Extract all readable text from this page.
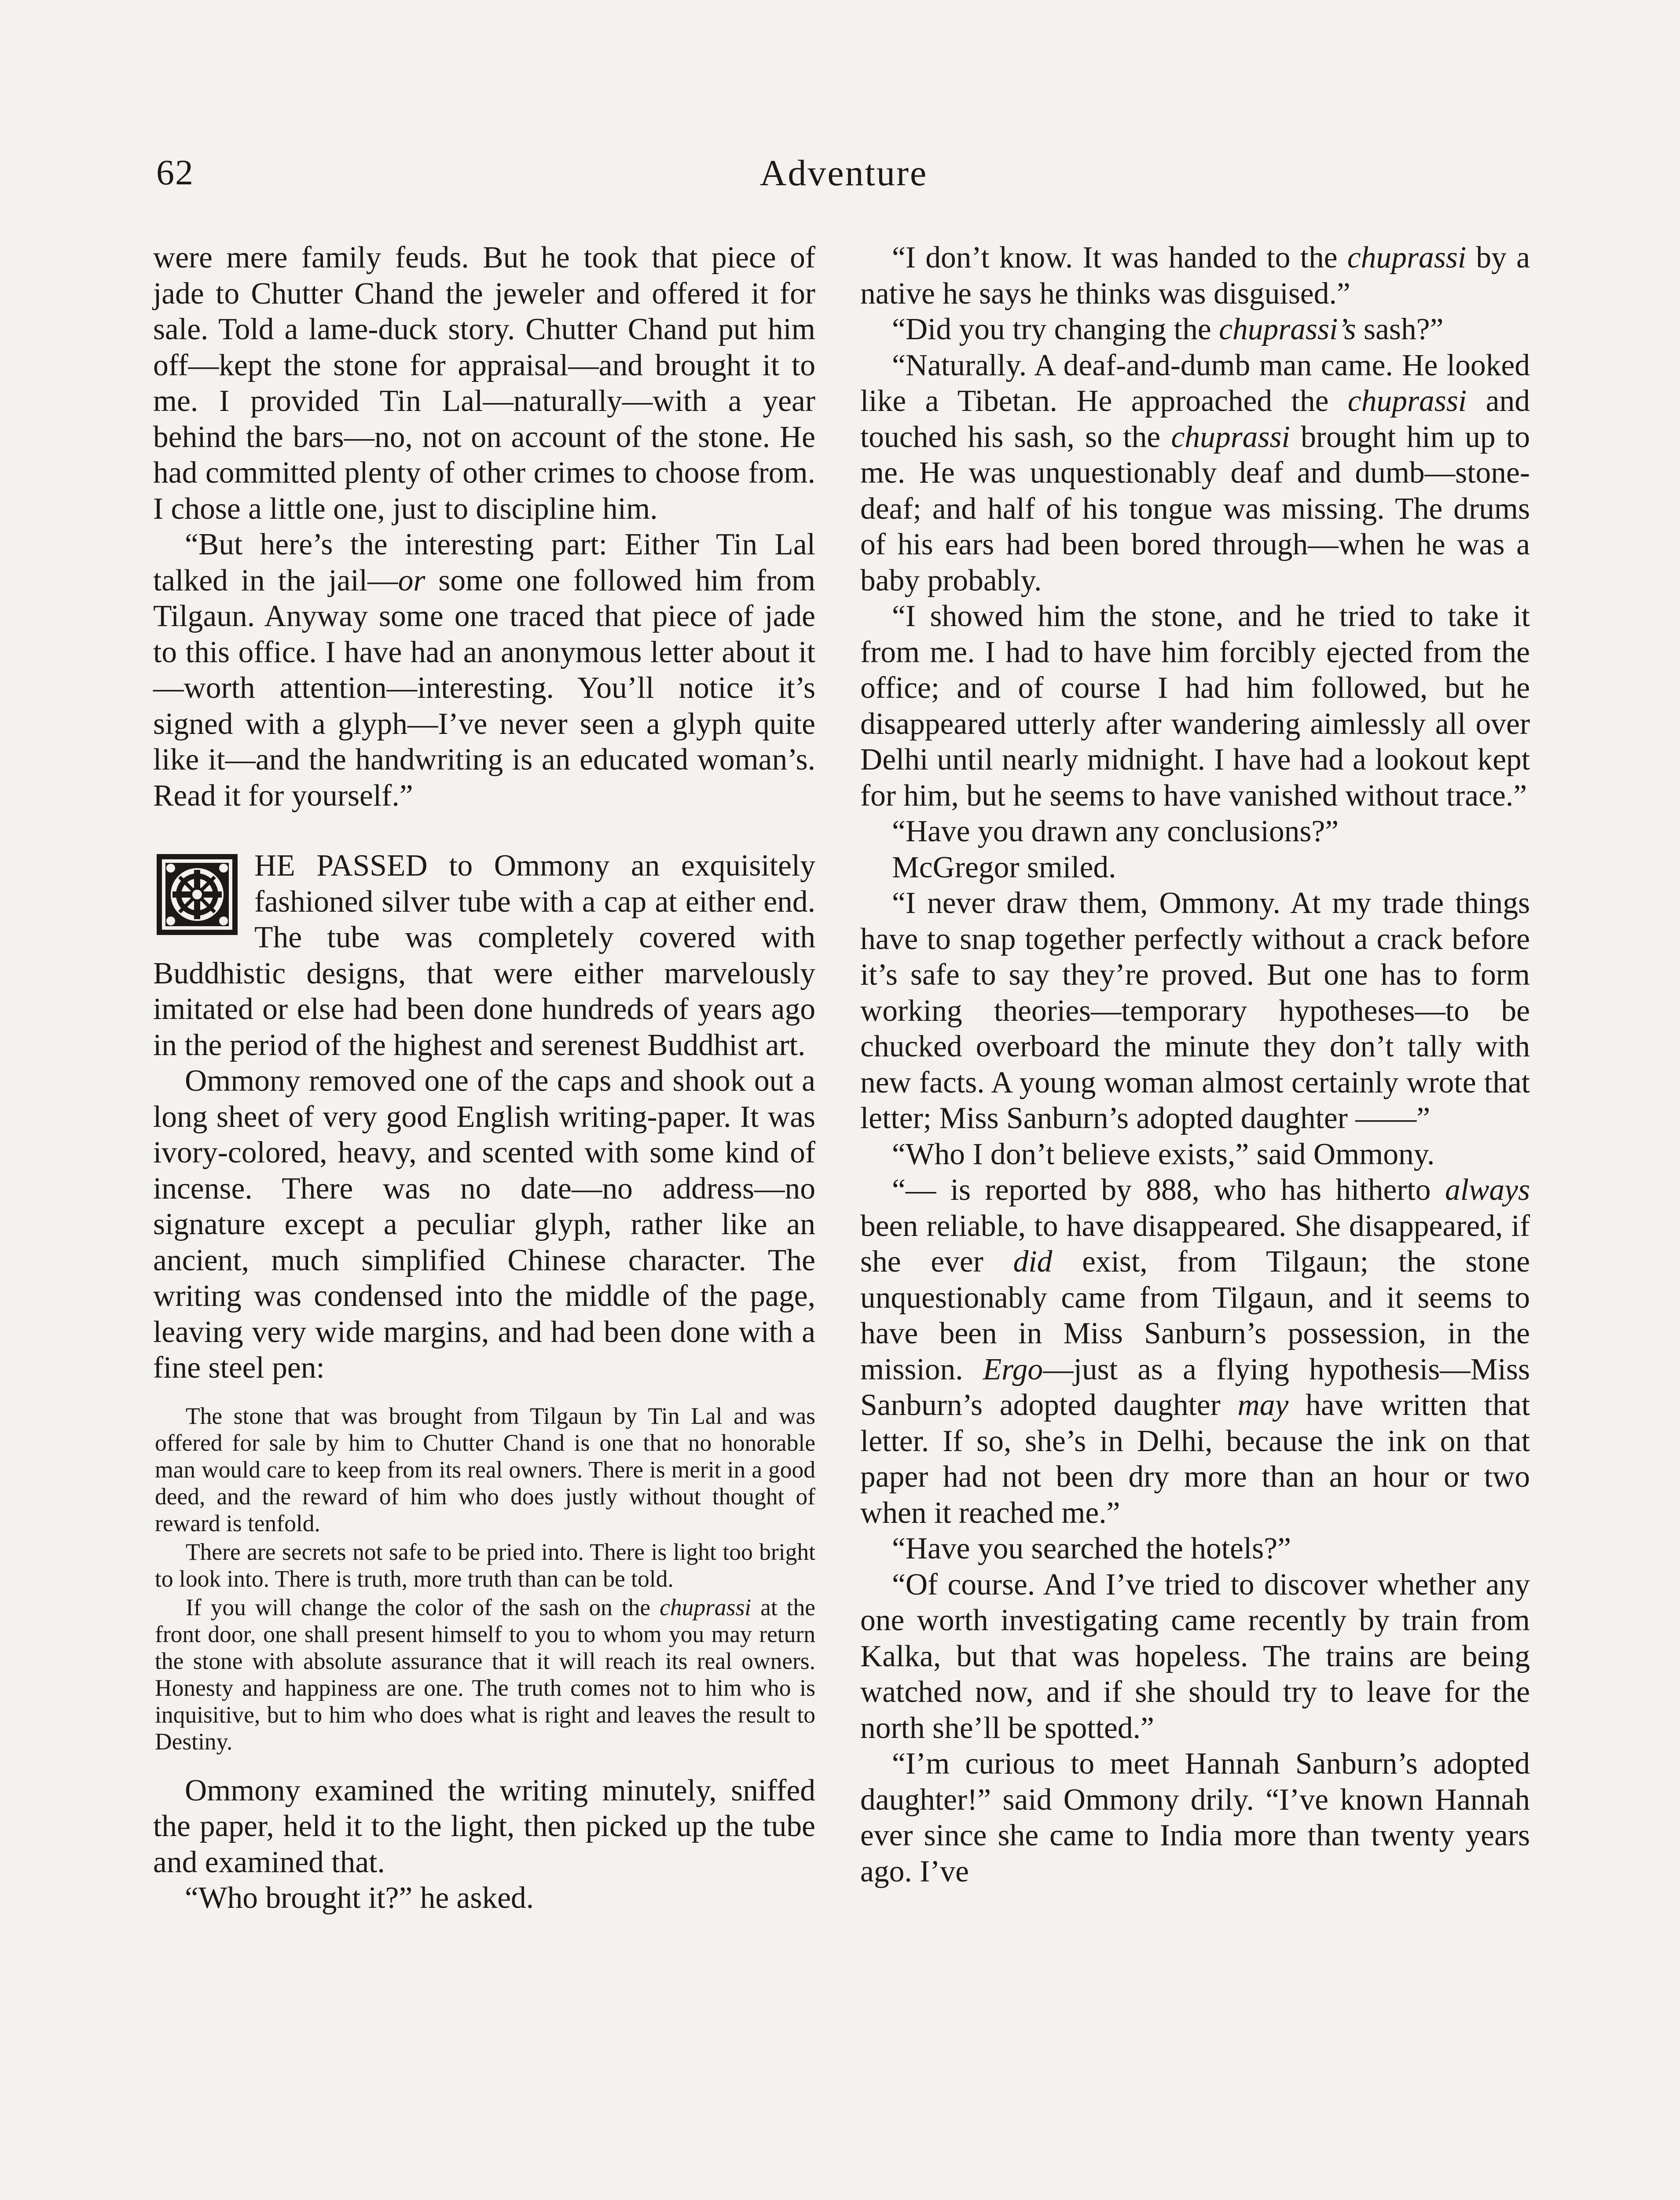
62	Adventure

were mere family feuds. But he took that piece of jade to Chutter Chand the jeweler and offered it for sale. Told a lame-duck story. Chutter Chand put him off—kept the stone for appraisal—and brought it to me. I provided Tin Lal—naturally—with a year behind the bars—no, not on account of the stone. He had committed plenty of other crimes to choose from. I chose a little one, just to discipline him.

“But here’s the interesting part: Either Tin Lal talked in the jail—or some one followed him from Tilgaun. Anyway some one traced that piece of jade to this office. I have had an anonymous letter about it—worth attention—interesting. You’ll notice it’s signed with a glyph—I’ve never seen a glyph quite like it—and the handwriting is an educated woman’s. Read it for yourself.”

HE PASSED to Ommony an exquisitely fashioned silver tube with a cap at either end. The tube was completely covered with Buddhistic designs, that were either marvelously imitated or else had been done hundreds of years ago in the period of the highest and serenest Buddhist art.

Ommony removed one of the caps and shook out a long sheet of very good English writing-paper. It was ivory-colored, heavy, and scented with some kind of incense. There was no date—no address—no signature except a peculiar glyph, rather like an ancient, much simplified Chinese character. The writing was condensed into the middle of the page, leaving very wide margins, and had been done with a fine steel pen:

The stone that was brought from Tilgaun by Tin Lal and was offered for sale by him to Chutter Chand is one that no honorable man would care to keep from its real owners. There is merit in a good deed, and the reward of him who does justly without thought of reward is tenfold.

There are secrets not safe to be pried into. There is light too bright to look into. There is truth, more truth than can be told.

If you will change the color of the sash on the chuprassi at the front door, one shall present himself to you to whom you may return the stone with absolute assurance that it will reach its real owners. Honesty and happiness are one. The truth comes not to him who is inquisitive, but to him who does what is right and leaves the result to Destiny.

Ommony examined the writing minutely, sniffed the paper, held it to the light, then picked up the tube and examined that.

“Who brought it?” he asked.

“I don’t know. It was handed to the chuprassi by a native he says he thinks was disguised.”

“Did you try changing the chuprassi’s sash?”

“Naturally. A deaf-and-dumb man came. He looked like a Tibetan. He approached the chuprassi and touched his sash, so the chuprassi brought him up to me. He was unquestionably deaf and dumb—stone-deaf; and half of his tongue was missing. The drums of his ears had been bored through—when he was a baby probably.

“I showed him the stone, and he tried to take it from me. I had to have him forcibly ejected from the office; and of course I had him followed, but he disappeared utterly after wandering aimlessly all over Delhi until nearly midnight. I have had a lookout kept for him, but he seems to have vanished without trace.”

“Have you drawn any conclusions?”

McGregor smiled.

“I never draw them, Ommony. At my trade things have to snap together perfectly without a crack before it’s safe to say they’re proved. But one has to form working theories—temporary hypotheses—to be chucked overboard the minute they don’t tally with new facts. A young woman almost certainly wrote that letter; Miss Sanburn’s adopted daughter ——”

“Who I don’t believe exists,” said Ommony.

“— is reported by 888, who has hitherto always been reliable, to have disappeared. She disappeared, if she ever did exist, from Tilgaun; the stone unquestionably came from Tilgaun, and it seems to have been in Miss Sanburn’s possession, in the mission. Ergo—just as a flying hypothesis—Miss Sanburn’s adopted daughter may have written that letter. If so, she’s in Delhi, because the ink on that paper had not been dry more than an hour or two when it reached me.”

“Have you searched the hotels?”

“Of course. And I’ve tried to discover whether any one worth investigating came recently by train from Kalka, but that was hopeless. The trains are being watched now, and if she should try to leave for the north she’ll be spotted.”

“I’m curious to meet Hannah Sanburn’s adopted daughter!” said Ommony drily. “I’ve known Hannah ever since she came to India more than twenty years ago. I’ve
